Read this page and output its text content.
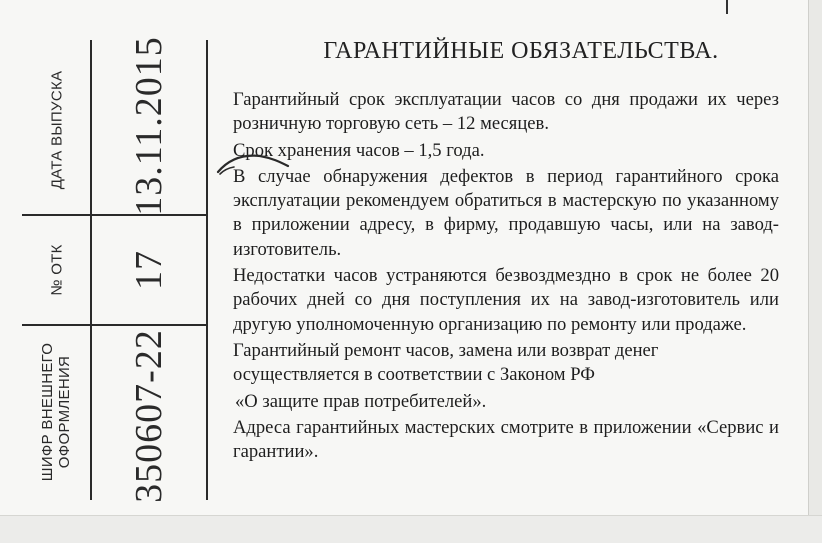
ДАТА ВЫПУСКА 13.11.2015
№ ОТК 17
ШИФР ВНЕШНЕГО ОФОРМЛЕНИЯ 350607-22
ГАРАНТИЙНЫЕ ОБЯЗАТЕЛЬСТВА.

Гарантийный срок эксплуатации часов со дня продажи их через розничную торговую сеть – 12 месяцев.

Срок хранения часов – 1,5 года.

В случае обнаружения дефектов в период гарантийного срока эксплуатации рекомендуем обратиться в мастерскую по указанному в приложении адресу, в фирму, продавшую часы, или на завод-изготовитель.

Недостатки часов устраняются безвоздмездно в срок не более 20 рабочих дней со дня поступления их на завод-изготовитель или другую уполномоченную организацию по ремонту или продаже.

Гарантийный ремонт часов, замена или возврат денег осуществляется в соответствии с Законом РФ

«О защите прав потребителей».

Адреса гарантийных мастерских смотрите в приложении «Сервис и гарантии».
